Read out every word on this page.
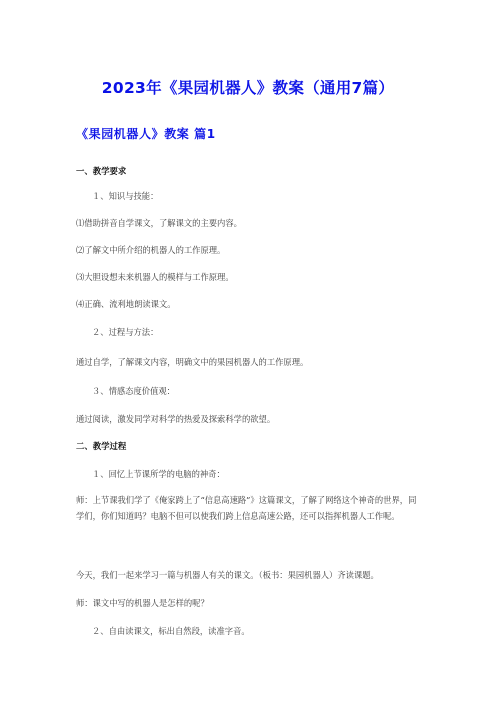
2023年《果园机器人》教案（通用7篇）
《果园机器人》教案 篇1
一、教学要求
１、知识与技能：
⑴借助拼音自学课文，了解课文的主要内容。
⑵了解文中所介绍的机器人的工作原理。
⑶大胆设想未来机器人的模样与工作原理。
⑷正确、流利地朗读课文。
２、过程与方法：
通过自学，了解课文内容，明确文中的果园机器人的工作原理。
３、情感态度价值观：
通过阅读，激发同学对科学的热爱及探索科学的欲望。
二、教学过程
１、回忆上节课所学的电脑的神奇：
师：上节课我们学了《俺家跨上了“信息高速路”》这篇课文，了解了网络这个神奇的世界，同学们，你们知道吗？电脑不但可以使我们跨上信息高速公路，还可以指挥机器人工作呢。
今天，我们一起来学习一篇与机器人有关的课文。（板书：果园机器人）齐读课题。
师：课文中写的机器人是怎样的呢？
２、自由读课文，标出自然段，读准字音。
